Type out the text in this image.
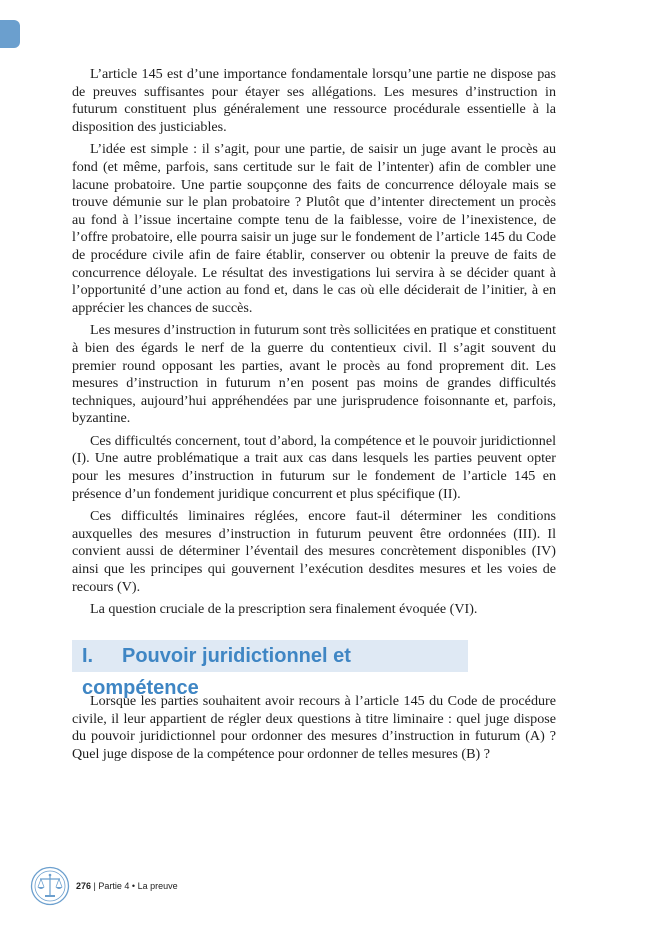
L’article 145 est d’une importance fondamentale lorsqu’une partie ne dispose pas de preuves suffisantes pour étayer ses allégations. Les mesures d’instruction in futurum constituent plus généralement une ressource procédurale essentielle à la disposition des justiciables.

L’idée est simple : il s’agit, pour une partie, de saisir un juge avant le procès au fond (et même, parfois, sans certitude sur le fait de l’intenter) afin de combler une lacune probatoire. Une partie soupçonne des faits de concurrence déloyale mais se trouve démunie sur le plan probatoire ? Plutôt que d’intenter directement un procès au fond à l’issue incertaine compte tenu de la faiblesse, voire de l’inexistence, de l’offre probatoire, elle pourra saisir un juge sur le fondement de l’article 145 du Code de procédure civile afin de faire établir, conserver ou obtenir la preuve de faits de concurrence déloyale. Le résultat des investigations lui servira à se décider quant à l’opportunité d’une action au fond et, dans le cas où elle déciderait de l’initier, à en apprécier les chances de succès.

Les mesures d’instruction in futurum sont très sollicitées en pratique et constituent à bien des égards le nerf de la guerre du contentieux civil. Il s’agit souvent du premier round opposant les parties, avant le procès au fond proprement dit. Les mesures d’instruction in futurum n’en posent pas moins de grandes difficultés techniques, aujourd’hui appréhendées par une jurisprudence foisonnante et, parfois, byzantine.

Ces difficultés concernent, tout d’abord, la compétence et le pouvoir juridictionnel (I). Une autre problématique a trait aux cas dans lesquels les parties peuvent opter pour les mesures d’instruction in futurum sur le fondement de l’article 145 en présence d’un fondement juridique concurrent et plus spécifique (II).

Ces difficultés liminaires réglées, encore faut-il déterminer les conditions auxquelles des mesures d’instruction in futurum peuvent être ordonnées (III). Il convient aussi de déterminer l’éventail des mesures concrètement disponibles (IV) ainsi que les principes qui gouvernent l’exécution desdites mesures et les voies de recours (V).

La question cruciale de la prescription sera finalement évoquée (VI).

I. Pouvoir juridictionnel et compétence

Lorsque les parties souhaitent avoir recours à l’article 145 du Code de procédure civile, il leur appartient de régler deux questions à titre liminaire : quel juge dispose du pouvoir juridictionnel pour ordonner des mesures d’instruction in futurum (A) ? Quel juge dispose de la compétence pour ordonner de telles mesures (B) ?

276 | Partie 4 • La preuve
